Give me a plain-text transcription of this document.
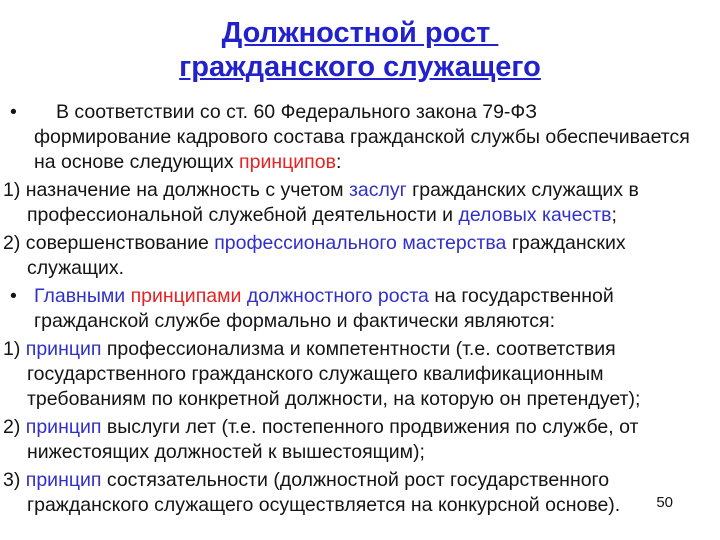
Должностной рост
гражданского служащего
• В соответствии со ст. 60 Федерального закона 79-ФЗ
формирование кадрового состава гражданской службы обеспечивается
на основе следующих принципов:
1) назначение на должность с учетом заслуг гражданских служащих в
профессиональной служебной деятельности и деловых качеств;
2) совершенствование профессионального мастерства гражданских
служащих.
• Главными принципами должностного роста на государственной
гражданской службе формально и фактически являются:
1) принцип профессионализма и компетентности (т.е. соответствия
государственного гражданского служащего квалификационным
требованиям по конкретной должности, на которую он претендует);
2) принцип выслуги лет (т.е. постепенного продвижения по службе, от
нижестоящих должностей к вышестоящим);
3) принцип состязательности (должностной рост государственного
гражданского служащего осуществляется на конкурсной основе).	50
